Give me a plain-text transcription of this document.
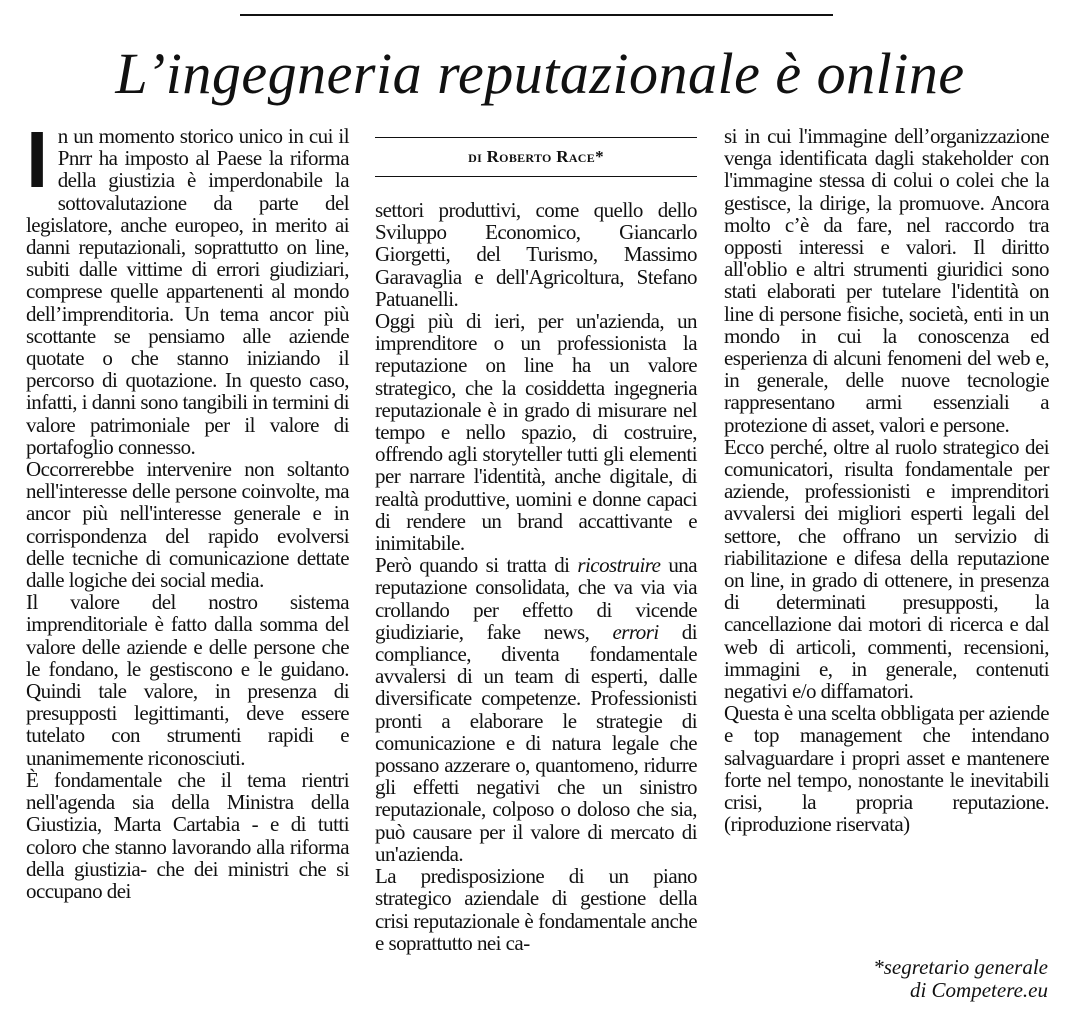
L’ingegneria reputazionale è online
di Roberto Race*

In un momento storico unico in cui il Pnrr ha imposto al Paese la riforma della giustizia è imperdonabile la sottovalutazione da parte del legislatore, anche europeo, in merito ai danni reputazionali, soprattutto on line, subiti dalle vittime di errori giudiziari, comprese quelle appartenenti al mondo dell’imprenditoria. Un tema ancor più scottante se pensiamo alle aziende quotate o che stanno iniziando il percorso di quotazione. In questo caso, infatti, i danni sono tangibili in termini di valore patrimoniale per il valore di portafoglio connesso.

Occorrerebbe intervenire non soltanto nell'interesse delle persone coinvolte, ma ancor più nell'interesse generale e in corrispondenza del rapido evolversi delle tecniche di comunicazione dettate dalle logiche dei social media.

Il valore del nostro sistema imprenditoriale è fatto dalla somma del valore delle aziende e delle persone che le fondano, le gestiscono e le guidano. Quindi tale valore, in presenza di presupposti legittimanti, deve essere tutelato con strumenti rapidi e unanimemente riconosciuti.

È fondamentale che il tema rientri nell'agenda sia della Ministra della Giustizia, Marta Cartabia - e di tutti coloro che stanno lavorando alla riforma della giustizia- che dei ministri che si occupano dei

settori produttivi, come quello dello Sviluppo Economico, Giancarlo Giorgetti, del Turismo, Massimo Garavaglia e dell'Agricoltura, Stefano Patuanelli.

Oggi più di ieri, per un'azienda, un imprenditore o un professionista la reputazione on line ha un valore strategico, che la cosiddetta ingegneria reputazionale è in grado di misurare nel tempo e nello spazio, di costruire, offrendo agli storyteller tutti gli elementi per narrare l'identità, anche digitale, di realtà produttive, uomini e donne capaci di rendere un brand accattivante e inimitabile.

Però quando si tratta di ricostruire una reputazione consolidata, che va via via crollando per effetto di vicende giudiziarie, fake news, errori di compliance, diventa fondamentale avvalersi di un team di esperti, dalle diversificate competenze. Professionisti pronti a elaborare le strategie di comunicazione e di natura legale che possano azzerare o, quantomeno, ridurre gli effetti negativi che un sinistro reputazionale, colposo o doloso che sia, può causare per il valore di mercato di un'azienda.

La predisposizione di un piano strategico aziendale di gestione della crisi reputazionale è fondamentale anche e soprattutto nei ca-

si in cui l'immagine dell’organizzazione venga identificata dagli stakeholder con l'immagine stessa di colui o colei che la gestisce, la dirige, la promuove. Ancora molto c’è da fare, nel raccordo tra opposti interessi e valori. Il diritto all'oblio e altri strumenti giuridici sono stati elaborati per tutelare l'identità on line di persone fisiche, società, enti in un mondo in cui la conoscenza ed esperienza di alcuni fenomeni del web e, in generale, delle nuove tecnologie rappresentano armi essenziali a protezione di asset, valori e persone.

Ecco perché, oltre al ruolo strategico dei comunicatori, risulta fondamentale per aziende, professionisti e imprenditori avvalersi dei migliori esperti legali del settore, che offrano un servizio di riabilitazione e difesa della reputazione on line, in grado di ottenere, in presenza di determinati presupposti, la cancellazione dai motori di ricerca e dal web di articoli, commenti, recensioni, immagini e, in generale, contenuti negativi e/o diffamatori.

Questa è una scelta obbligata per aziende e top management che intendano salvaguardare i propri asset e mantenere forte nel tempo, nonostante le inevitabili crisi, la propria reputazione. (riproduzione riservata)

*segretario generale
di Competere.eu
